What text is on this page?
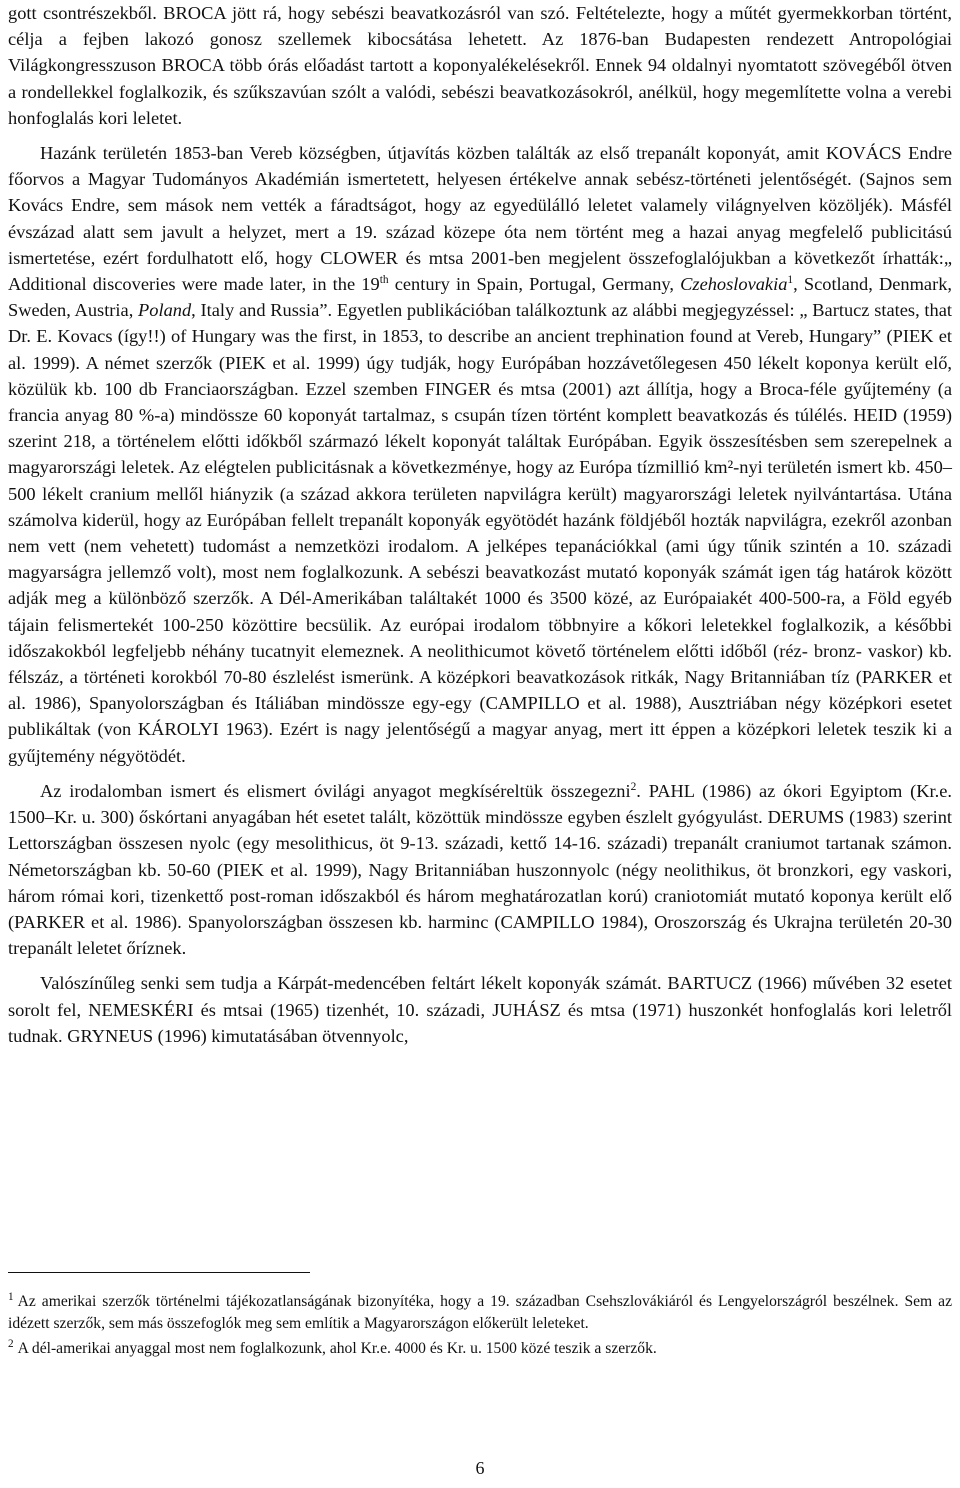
gott csontrészekből. BROCA jött rá, hogy sebészi beavatkozásról van szó. Feltételezte, hogy a műtét gyermekkorban történt, célja a fejben lakozó gonosz szellemek kibocsátása lehetett. Az 1876-ban Budapesten rendezett Antropológiai Világkongresszuson BROCA több órás előadást tartott a koponyalékelésekről. Ennek 94 oldalnyi nyomtatott szövegéből ötven a rondellekkel foglalkozik, és szűkszavúan szólt a valódi, sebészi beavatkozásokról, anélkül, hogy megemlítette volna a verebi honfoglalás kori leletet.

Hazánk területén 1853-ban Vereb községben, útjavítás közben találták az első trepanált koponyát, amit KOVÁCS Endre főorvos a Magyar Tudományos Akadémián ismertetett, helyesen értékelve annak sebész-történeti jelentőségét. (Sajnos sem Kovács Endre, sem mások nem vették a fáradtságot, hogy az egyedülálló leletet valamely világnyelven közöljék). Másfél évszázad alatt sem javult a helyzet, mert a 19. század közepe óta nem történt meg a hazai anyag megfelelő publicitású ismertetése, ezért fordulhatott elő, hogy CLOWER és mtsa 2001-ben megjelent összefoglalójukban a következőt írhatták:„ Additional discoveries were made later, in the 19th century in Spain, Portugal, Germany, Czehoslovakia$^1$, Scotland, Denmark, Sweden, Austria, Poland, Italy and Russia”. Egyetlen publikációban találkoztunk az alábbi megjegyzéssel: „ Bartucz states, that Dr. E. Kovacs (így!!) of Hungary was the first, in 1853, to describe an ancient trephination found at Vereb, Hungary” (PIEK et al. 1999). A német szerzők (PIEK et al. 1999) úgy tudják, hogy Európában hozzávetőlegesen 450 lékelt koponya került elő, közülük kb. 100 db Franciaországban. Ezzel szemben FINGER és mtsa (2001) azt állítja, hogy a Broca-féle gyűjtemény (a francia anyag 80 %-a) mindössze 60 koponyát tartalmaz, s csupán tízen történt komplett beavatkozás és túlélés. HEID (1959) szerint 218, a történelem előtti időkből származó lékelt koponyát találtak Európában. Egyik összesítésben sem szerepelnek a magyarországi leletek. Az elégtelen publicitásnak a következménye, hogy az Európa tízmillió km²-nyi területén ismert kb. 450–500 lékelt cranium mellől hiányzik (a század akkora területen napvilágra került) magyarországi leletek nyilvántartása. Utána számolva kiderül, hogy az Európában fellelt trepanált koponyák egyötödét hazánk földjéből hozták napvilágra, ezekről azonban nem vett (nem vehetett) tudomást a nemzetközi irodalom. A jelképes tepanációkkal (ami úgy tűnik szintén a 10. századi magyarságra jellemző volt), most nem foglalkozunk. A sebészi beavatkozást mutató koponyák számát igen tág határok között adják meg a különböző szerzők. A Dél-Amerikában találtakét 1000 és 3500 közé, az Európaiakét 400-500-ra, a Föld egyéb tájain felismertekét 100-250 közöttire becsülik. Az európai irodalom többnyire a kőkori leletekkel foglalkozik, a későbbi időszakokból legfeljebb néhány tucatnyit elemeznek. A neolithicumot követő történelem előtti időből (réz- bronz- vaskor) kb. félszáz, a történeti korokból 70-80 észlelést ismerünk. A középkori beavatkozások ritkák, Nagy Britanniában tíz (PARKER et al. 1986), Spanyolországban és Itáliában mindössze egy-egy (CAMPILLO et al. 1988), Ausztriában négy középkori esetet publikáltak (von KÁROLYI 1963). Ezért is nagy jelentőségű a magyar anyag, mert itt éppen a középkori leletek teszik ki a gyűjtemény négyötödét.

Az irodalomban ismert és elismert óvilági anyagot megkíséreltük összegezni$^2$. PAHL (1986) az ókori Egyiptom (Kr.e. 1500–Kr. u. 300) őskórtani anyagában hét esetet talált, közöttük mindössze egyben észlelt gyógyulást. DERUMS (1983) szerint Lettországban összesen nyolc (egy mesolithicus, öt 9-13. századi, kettő 14-16. századi) trepanált craniumot tartanak számon. Németországban kb. 50-60 (PIEK et al. 1999), Nagy Britanniában huszonnyolc (négy neolithikus, öt bronzkori, egy vaskori, három római kori, tizenkettő post-roman időszakból és három meghatározatlan korú) craniotomiát mutató koponya került elő (PARKER et al. 1986). Spanyolországban összesen kb. harminc (CAMPILLO 1984), Oroszország és Ukrajna területén 20-30 trepanált leletet őríznek.

Valószínűleg senki sem tudja a Kárpát-medencében feltárt lékelt koponyák számát. BARTUCZ (1966) művében 32 esetet sorolt fel, NEMESKÉRI és mtsai (1965) tizenhét, 10. századi, JUHÁSZ és mtsa (1971) huszonkét honfoglalás kori leletről tudnak. GRYNEUS (1996) kimutatásában ötvennyolc,

$^1$ Az amerikai szerzők történelmi tájékozatlanságának bizonyítéka, hogy a 19. században Csehszlovákiáról és Lengyelországról beszélnek. Sem az idézett szerzők, sem más összefoglók meg sem említik a Magyarországon előkerült leleteket.

$^2$ A dél-amerikai anyaggal most nem foglalkozunk, ahol Kr.e. 4000 és Kr. u. 1500 közé teszik a szerzők.

6
